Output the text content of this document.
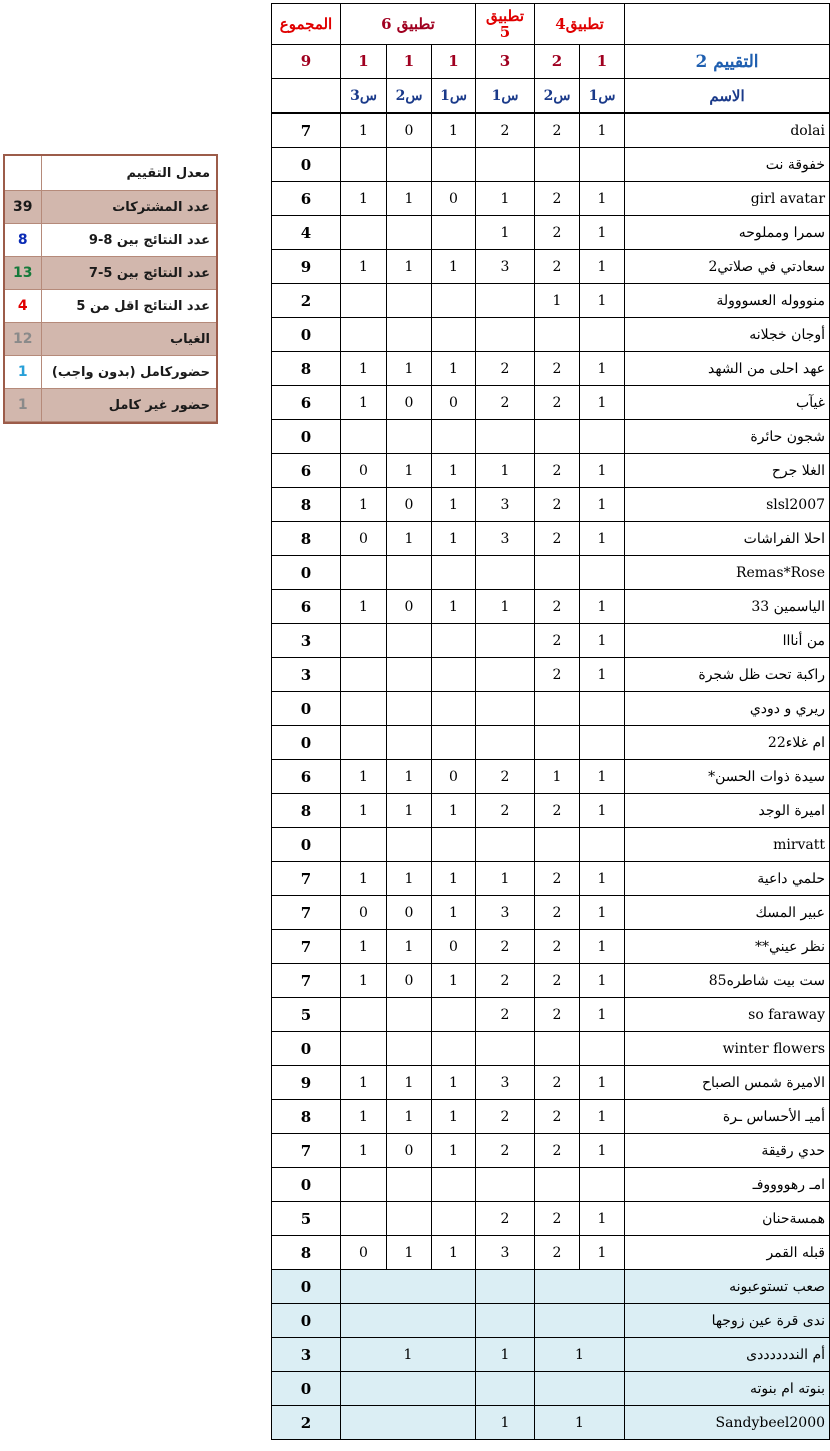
المجموع	تطبيق 6			تطبيق 5	تطبيق4		
9	1	1	1	3	2	1	التقييم 2

	س3	س2	س1	س1	س2	س1	الاسم

7	1	0	1	2	2	1	dolai
0							خفوقة نت
6	1	1	0	1	2	1	girl avatar
4				1	2	1	سمرا ومملوحه
9	1	1	1	3	2	1	سعادتي في صلاتي2
2					1	1	منوووله العسووولة
0							أوجان خجلانه
8	1	1	1	2	2	1	عهد احلى من الشهد
6	1	0	0	2	2	1	غيآب
0							شجون حائرة
6	0	1	1	1	2	1	الغلا جرح
8	1	0	1	3	2	1	slsl2007
8	0	1	1	3	2	1	احلا الفراشات
0							Remas*Rose
6	1	0	1	1	2	1	الياسمين 33
3					2	1	من أنااا
3					2	1	راكبة تحت ظل شجرة
0							ريري و دودي
0							ام غلاء22
6	1	1	0	2	1	1	سيدة ذوات الحسن*
8	1	1	1	2	2	1	اميرة الوجد
0							mirvatt
7	1	1	1	1	2	1	حلمي داعية
7	0	0	1	3	2	1	عبير المسك
7	1	1	0	2	2	1	نظر عيني**
7	1	0	1	2	2	1	ست بيت شاطره85
5				2	2	1	so faraway
0							winter flowers
9	1	1	1	3	2	1	الاميرة شمس الصباح
8	1	1	1	2	2	1	أميـ الأحساس ـرة
7	1	0	1	2	2	1	حدي رقيقة
0							امـ رهووووفـ
5				2	2	1	همسةحنان
8	0	1	1	3	2	1	قبله القمر
0							صعب تستوعبونه
0							ندى قرة عين زوجها
3	1			1	1		أم النددددددى
0							بنوته ام بنوته
2				1	1		Sandybeel2000
	معدل التقييم
39	عدد المشتركات
8	عدد النتائج بين 8-9
13	عدد النتائج بين 5-7
4	عدد النتائج اقل من 5
12	الغياب
1	حضوركامل (بدون واجب)
1	حضور غير كامل
